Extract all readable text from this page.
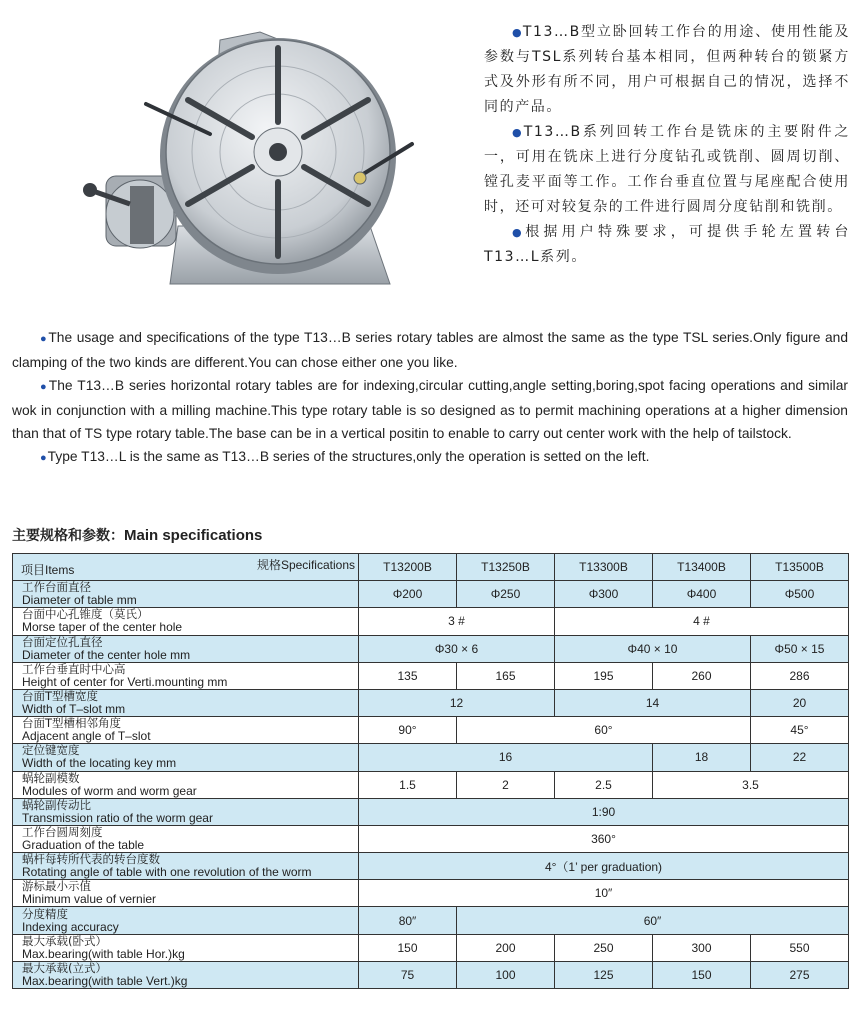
●T13…B型立卧回转工作台的用途、使用性能及参数与TSL系列转台基本相同，但两种转台的锁紧方式及外形有所不同，用户可根据自己的情况，选择不同的产品。

●T13…B系列回转工作台是铣床的主要附件之一，可用在铣床上进行分度钻孔或铣削、圆周切削、镗孔麦平面等工作。工作台垂直位置与尾座配合使用时，还可对较复杂的工件进行圆周分度钻削和铣削。

●根据用户特殊要求，可提供手轮左置转台T13…L系列。

●The usage and specifications of the type T13…B series rotary tables are almost the same as the type TSL series.Only figure and clamping of the two kinds are different.You can chose either one you like.

●The T13…B series horizontal rotary tables are for indexing,circular cutting,angle setting,boring,spot facing operations and similar wok in conjunction with a milling machine.This type rotary table is so designed as to permit machining operations at a higher dimension than that of TS type rotary table.The base can be in a vertical positin to enable to carry out center work with the help of tailstock.

●Type T13…L is the same as T13…B series of the structures,only the operation is setted on the left.

主要规格和参数：Main specifications
规格Specifications
项目Items	T13200B	T13250B	T13300B	T13400B	T13500B

工作台面直径
Diameter of table mm	Φ200	Φ250	Φ300	Φ400	Φ500

台面中心孔锥度（莫氏）
Morse taper of the center hole	3 #		4 #		

台面定位孔直径
Diameter of the center hole mm	Φ30 × 6		Φ40 × 10		Φ50 × 15

工作台垂直时中心高
Height of center for Verti.mounting mm	135	165	195	260	286

台面T型槽宽度
Width of T–slot mm	12		14		20

台面T型槽相邻角度
Adjacent angle of T–slot	90°	60°			45°

定位键宽度
Width of the locating key mm	16			18	22

蜗轮副模数
Modules of worm and worm gear	1.5	2	2.5	3.5	

蜗轮副传动比
Transmission ratio of the worm gear	1:90				

工作台圆周刻度
Graduation of the table	360°				

蜗杆每转所代表的转台度数
Rotating angle of table with one revolution of the worm	4°（1’ per graduation)				

游标最小示值
Minimum value of vernier	10″				

分度精度
Indexing accuracy	80″	60″			

最大承载(卧式）
Max.bearing(with table Hor.)kg	150	200	250	300	550

最大承载(立式）
Max.bearing(with table Vert.)kg	75	100	125	150	275
